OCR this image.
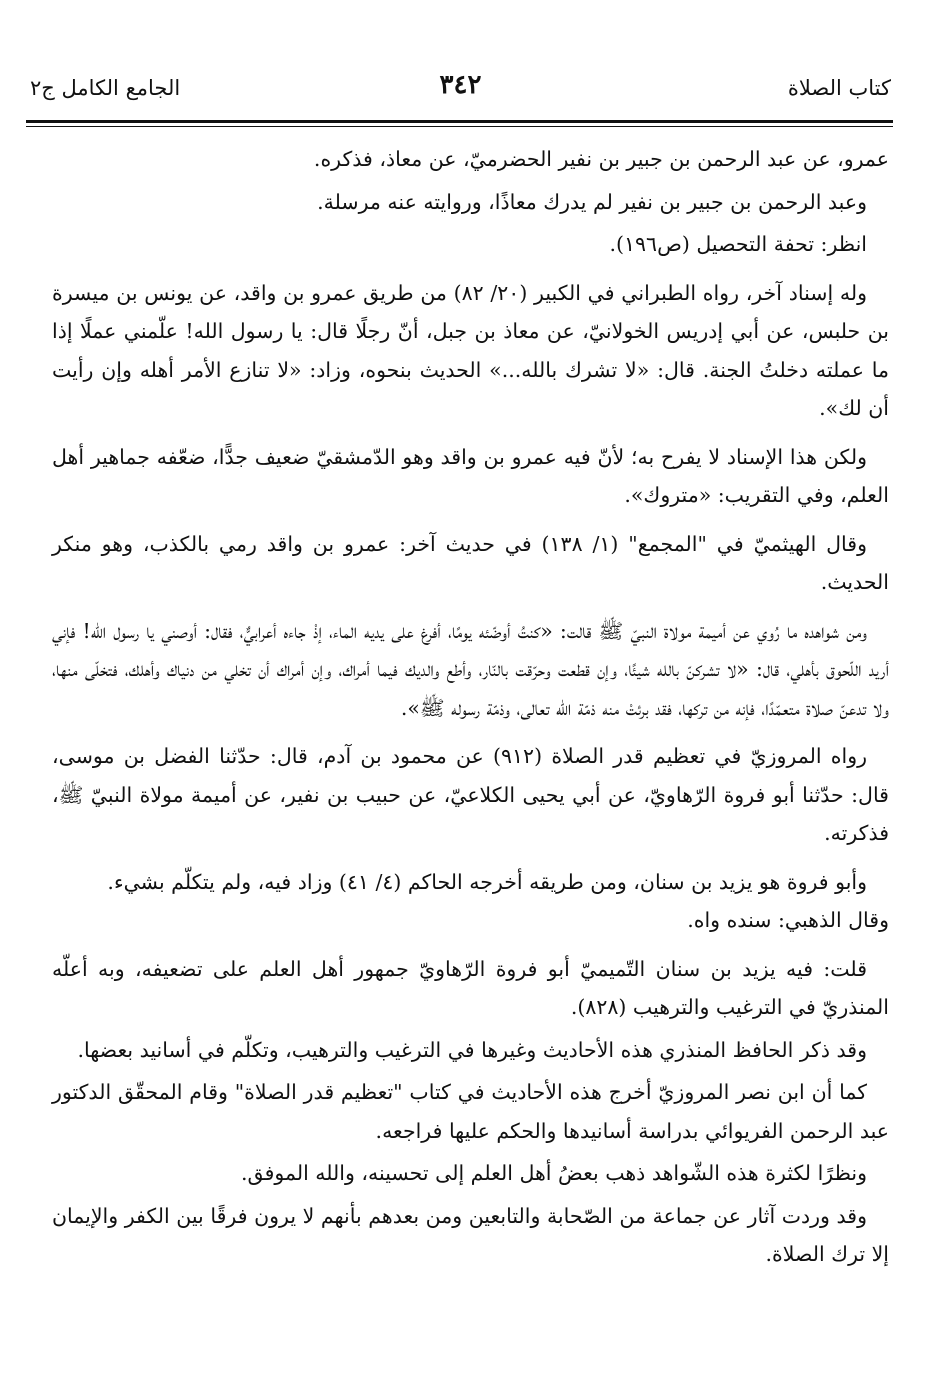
كتاب الصلاة
٣٤٢
الجامع الكامل ج٢

عمرو، عن عبد الرحمن بن جبير بن نفير الحضرميّ، عن معاذ، فذكره.

وعبد الرحمن بن جبير بن نفير لم يدرك معاذًا، وروايته عنه مرسلة.

انظر: تحفة التحصيل (ص١٩٦).

وله إسناد آخر، رواه الطبراني في الكبير (٢٠/ ٨٢) من طريق عمرو بن واقد، عن يونس بن ميسرة بن حلبس، عن أبي إدريس الخولانيّ، عن معاذ بن جبل، أنّ رجلًا قال: يا رسول الله! علّمني عملًا إذا ما عملته دخلتُ الجنة. قال: «لا تشرك بالله...» الحديث بنحوه، وزاد: «لا تنازع الأمر أهله وإن رأيت أن لك».

ولكن هذا الإسناد لا يفرح به؛ لأنّ فيه عمرو بن واقد وهو الدّمشقيّ ضعيف جدًّا، ضعّفه جماهير أهل العلم، وفي التقريب: «متروك».

وقال الهيثميّ في "المجمع" (١/ ١٣٨) في حديث آخر: عمرو بن واقد رمي بالكذب، وهو منكر الحديث.

ومن شواهده ما رُوي عن أميمة مولاة النبيّ ﷺ قالت: «كنتُ أوضّئه يومًا، أفرغ على يديه الماء، إذْ جاءه أعرابيٌّ، فقال: أوصني يا رسول الله! فإني أريد اللّحوق بأهلي، قال: «لا تشركنّ بالله شيئًا، وإن قطعت وحرّقت بالنّار، وأطع والديك فيما أمراك، وإن أمراك أن تخلي من دنياك وأهلك، فتخلّى منها، ولا تدعنّ صلاة متعمّدًا، فإنه من تركها، فقد برئتْ منه ذمّة الله تعالى، وذمّة رسوله ﷺ».

رواه المروزيّ في تعظيم قدر الصلاة (٩١٢) عن محمود بن آدم، قال: حدّثنا الفضل بن موسى، قال: حدّثنا أبو فروة الرّهاويّ، عن أبي يحيى الكلاعيّ، عن حبيب بن نفير، عن أميمة مولاة النبيّ ﷺ، فذكرته.

وأبو فروة هو يزيد بن سنان، ومن طريقه أخرجه الحاكم (٤/ ٤١) وزاد فيه، ولم يتكلّم بشيء.

وقال الذهبي: سنده واه.

قلت: فيه يزيد بن سنان التّميميّ أبو فروة الرّهاويّ جمهور أهل العلم على تضعيفه، وبه أعلّه المنذريّ في الترغيب والترهيب (٨٢٨).

وقد ذكر الحافظ المنذري هذه الأحاديث وغيرها في الترغيب والترهيب، وتكلّم في أسانيد بعضها.

كما أن ابن نصر المروزيّ أخرج هذه الأحاديث في كتاب "تعظيم قدر الصلاة" وقام المحقّق الدكتور عبد الرحمن الفريوائي بدراسة أسانيدها والحكم عليها فراجعه.

ونظرًا لكثرة هذه الشّواهد ذهب بعضُ أهل العلم إلى تحسينه، والله الموفق.

وقد وردت آثار عن جماعة من الصّحابة والتابعين ومن بعدهم بأنهم لا يرون فرقًا بين الكفر والإيمان إلا ترك الصلاة.
